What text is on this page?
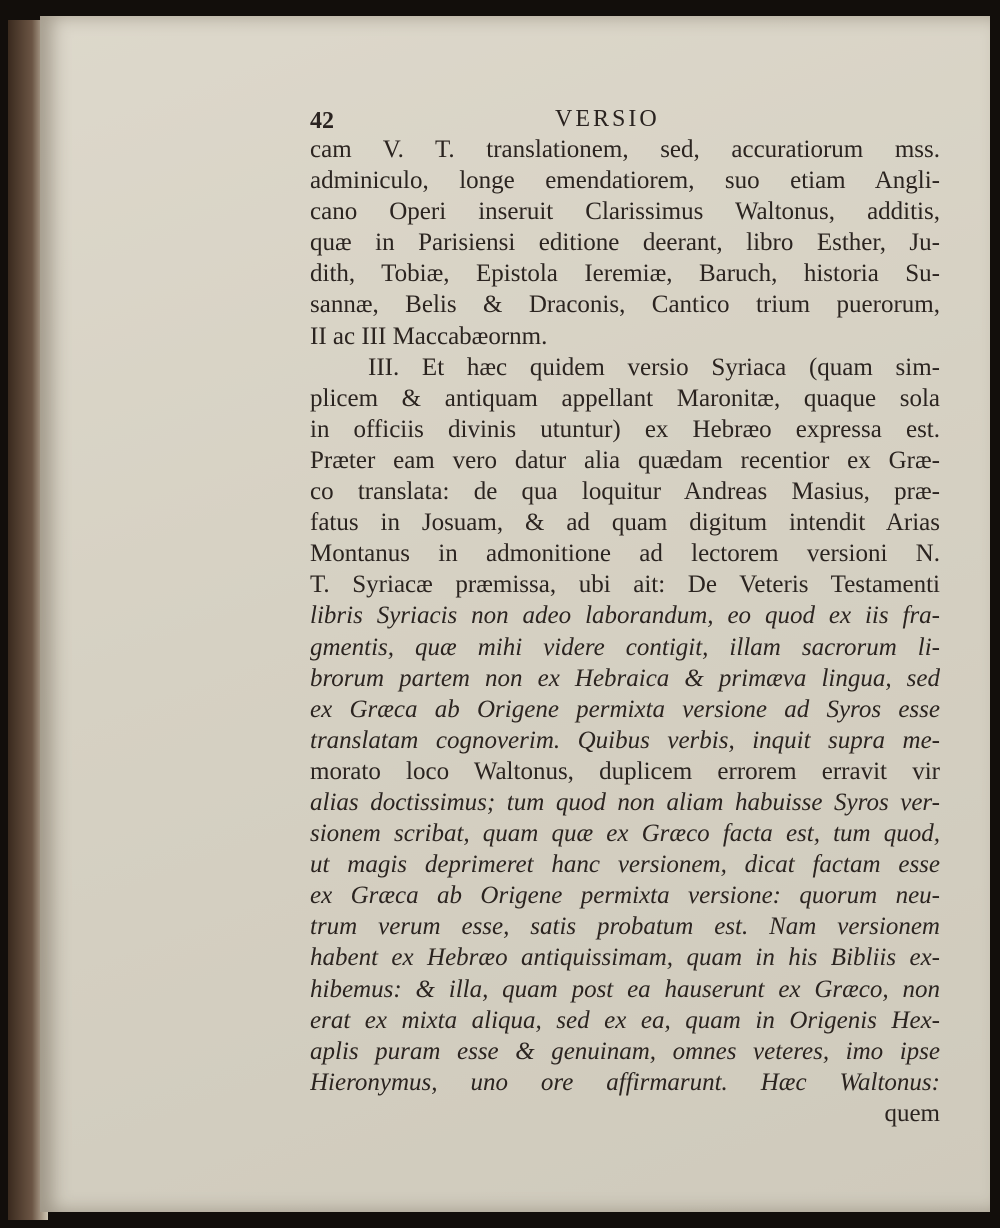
42	VERSIO
cam V. T. translationem, sed, accuratiorum mss.
adminiculo, longe emendatiorem, suo etiam Angli-
cano Operi inseruit Clarissimus Waltonus, additis,
quæ in Parisiensi editione deerant, libro Esther, Ju-
dith, Tobiæ, Epistola Ieremiæ, Baruch, historia Su-
sannæ, Belis & Draconis, Cantico trium puerorum,
II ac III Maccabæornm.
III. Et hæc quidem versio Syriaca (quam sim-
plicem & antiquam appellant Maronitæ, quaque sola
in officiis divinis utuntur) ex Hebræo expressa est.
Præter eam vero datur alia quædam recentior ex Græ-
co translata: de qua loquitur Andreas Masius, præ-
fatus in Josuam, & ad quam digitum intendit Arias
Montanus in admonitione ad lectorem versioni N.
T. Syriacæ præmissa, ubi ait: De Veteris Testamenti
libris Syriacis non adeo laborandum, eo quod ex iis fra-
gmentis, quæ mihi videre contigit, illam sacrorum li-
brorum partem non ex Hebraica & primæva lingua, sed
ex Græca ab Origene permixta versione ad Syros esse
translatam cognoverim. Quibus verbis, inquit supra me-
morato loco Waltonus, duplicem errorem erravit vir
alias doctissimus; tum quod non aliam habuisse Syros ver-
sionem scribat, quam quæ ex Græco facta est, tum quod,
ut magis deprimeret hanc versionem, dicat factam esse
ex Græca ab Origene permixta versione: quorum neu-
trum verum esse, satis probatum est. Nam versionem
habent ex Hebræo antiquissimam, quam in his Bibliis ex-
hibemus: & illa, quam post ea hauserunt ex Græco, non
erat ex mixta aliqua, sed ex ea, quam in Origenis Hex-
aplis puram esse & genuinam, omnes veteres, imo ipse
Hieronymus, uno ore affirmarunt. Hæc Waltonus:
quem
